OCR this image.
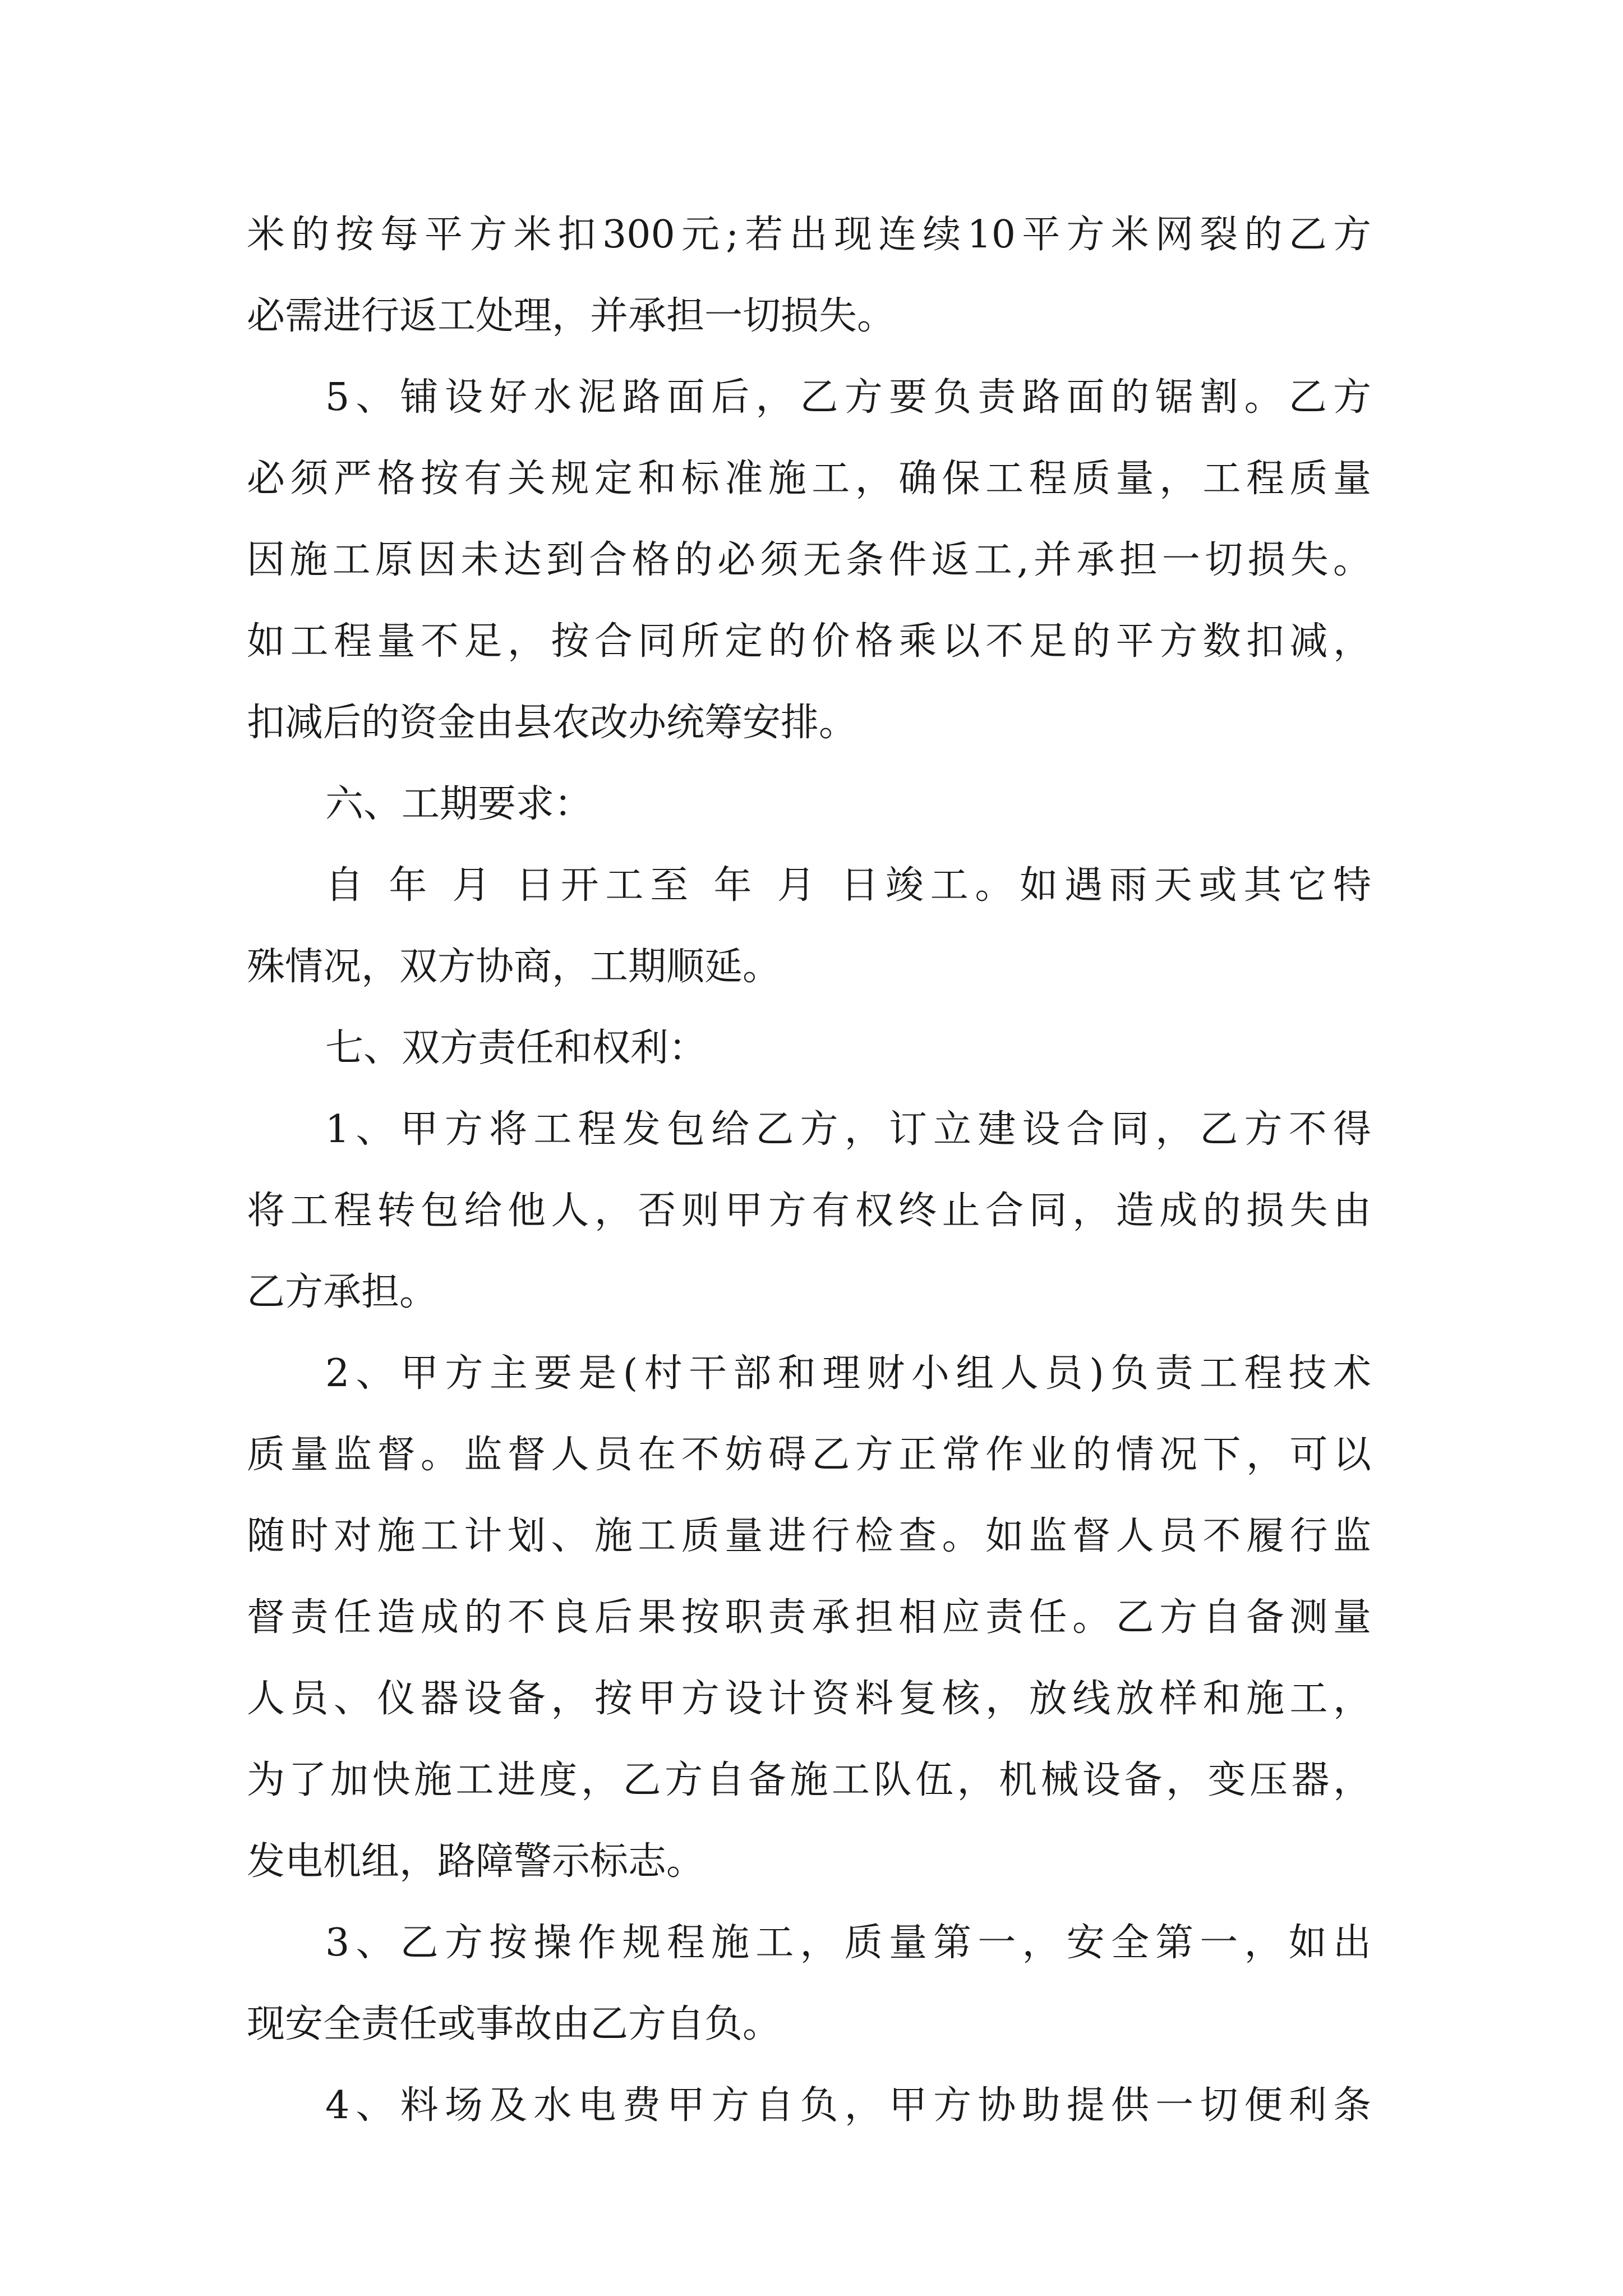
米的按每平方米扣300元;若出现连续10平方米网裂的乙方
必需进行返工处理，并承担一切损失。
5、铺设好水泥路面后，乙方要负责路面的锯割。乙方
必须严格按有关规定和标准施工，确保工程质量，工程质量
因施工原因未达到合格的必须无条件返工,并承担一切损失。
如工程量不足，按合同所定的价格乘以不足的平方数扣减，
扣减后的资金由县农改办统筹安排。
六、工期要求：
自 年 月 日开工至 年 月 日竣工。如遇雨天或其它特
殊情况，双方协商，工期顺延。
七、双方责任和权利：
1、甲方将工程发包给乙方，订立建设合同，乙方不得
将工程转包给他人，否则甲方有权终止合同，造成的损失由
乙方承担。
2、甲方主要是(村干部和理财小组人员)负责工程技术
质量监督。监督人员在不妨碍乙方正常作业的情况下，可以
随时对施工计划、施工质量进行检查。如监督人员不履行监
督责任造成的不良后果按职责承担相应责任。乙方自备测量
人员、仪器设备，按甲方设计资料复核，放线放样和施工，
为了加快施工进度，乙方自备施工队伍，机械设备，变压器，
发电机组，路障警示标志。
3、乙方按操作规程施工，质量第一，安全第一，如出
现安全责任或事故由乙方自负。
4、料场及水电费甲方自负，甲方协助提供一切便利条
